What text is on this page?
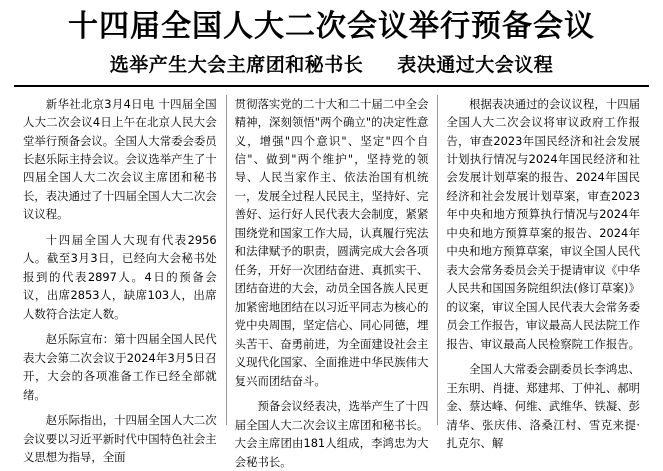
十四届全国人大二次会议举行预备会议
选举产生大会主席团和秘书长 表决通过大会议程

新华社北京3月4日电 十四届全国人大二次会议4日上午在北京人民大会堂举行预备会议。全国人大常委会委员长赵乐际主持会议。会议选举产生了十四届全国人大二次会议主席团和秘书长，表决通过了十四届全国人大二次会议议程。

十四届全国人大现有代表2956人。截至3月3日，已经向大会秘书处报到的代表2897人。4日的预备会议，出席2853人，缺席103人，出席人数符合法定人数。

赵乐际宣布：第十四届全国人民代表大会第二次会议于2024年3月5日召开，大会的各项准备工作已经全部就绪。

赵乐际指出，十四届全国人大二次会议要以习近平新时代中国特色社会主义思想为指导，全面

贯彻落实党的二十大和二十届二中全会精神，深刻领悟"两个确立"的决定性意义，增强"四个意识"、坚定"四个自信"、做到"两个维护"，坚持党的领导、人民当家作主、依法治国有机统一，发展全过程人民民主，坚持好、完善好、运行好人民代表大会制度，紧紧围绕党和国家工作大局，认真履行宪法和法律赋予的职责，圆满完成大会各项任务，开好一次团结奋进、真抓实干、团结奋进的大会，动员全国各族人民更加紧密地团结在以习近平同志为核心的党中央周围，坚定信心、同心同德，埋头苦干、奋勇前进，为全面建设社会主义现代化国家、全面推进中华民族伟大复兴而团结奋斗。

预备会议经表决，选举产生了十四届全国人大二次会议主席团和秘书长。大会主席团由181人组成，李鸿忠为大会秘书长。

根据表决通过的会议议程，十四届全国人大二次会议将审议政府工作报告，审查2023年国民经济和社会发展计划执行情况与2024年国民经济和社会发展计划草案的报告、2024年国民经济和社会发展计划草案，审查2023年中央和地方预算执行情况与2024年中央和地方预算草案的报告、2024年中央和地方预算草案，审议全国人民代表大会常务委员会关于提请审议《中华人民共和国国务院组织法(修订草案)》的议案，审议全国人民代表大会常务委员会工作报告，审议最高人民法院工作报告、审议最高人民检察院工作报告。

全国人大常委会副委员长李鸿忠、王东明、肖捷、郑建邦、丁仲礼、郝明金、蔡达峰、何维、武维华、铁凝、彭清华、张庆伟、洛桑江村、雪克来提·扎克尔、解
